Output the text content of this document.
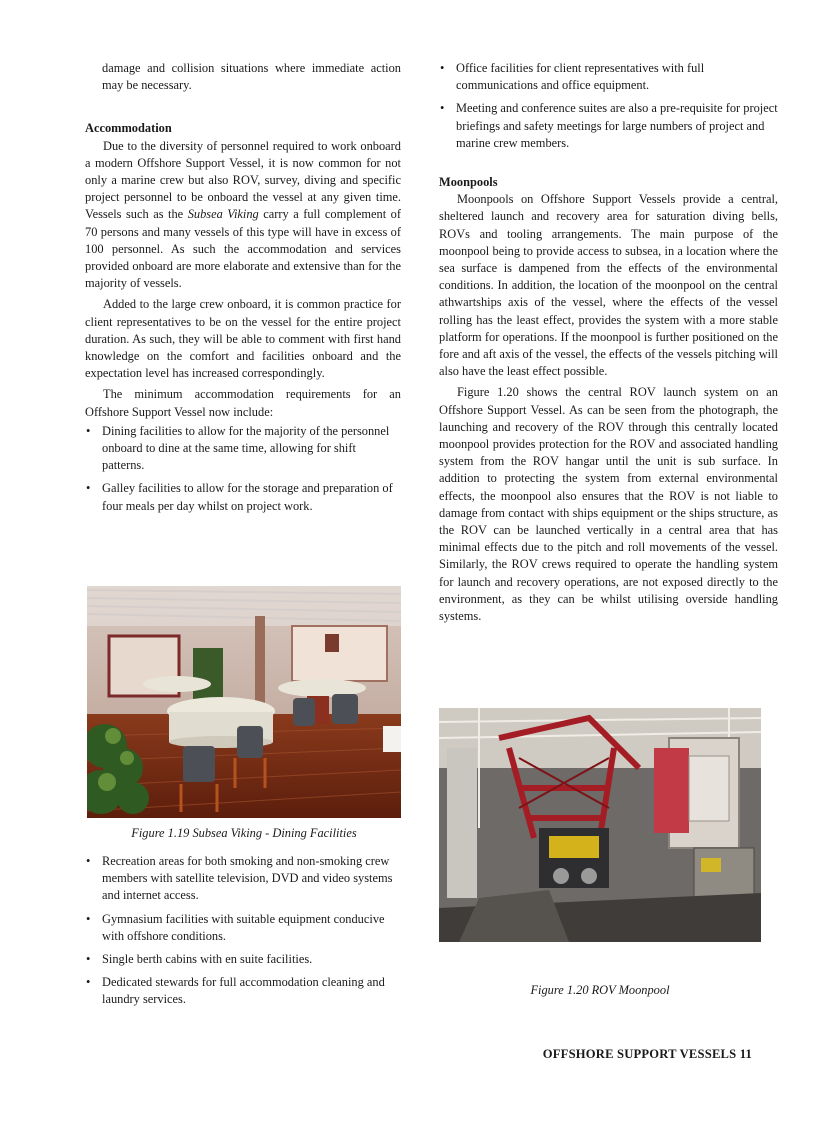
damage and collision situations where immediate action may be necessary.

Accommodation

Due to the diversity of personnel required to work onboard a modern Offshore Support Vessel, it is now common for not only a marine crew but also ROV, survey, diving and specific project personnel to be onboard the vessel at any given time. Vessels such as the Subsea Viking carry a full complement of 70 persons and many vessels of this type will have in excess of 100 personnel. As such the accommodation and services provided onboard are more elaborate and extensive than for the majority of vessels.

Added to the large crew onboard, it is common practice for client representatives to be on the vessel for the entire project duration. As such, they will be able to comment with first hand knowledge on the comfort and facilities onboard and the expectation level has increased correspondingly.

The minimum accommodation requirements for an Offshore Support Vessel now include:

• Dining facilities to allow for the majority of the personnel onboard to dine at the same time, allowing for shift patterns.
• Galley facilities to allow for the storage and preparation of four meals per day whilst on project work.
Figure 1.19 Subsea Viking - Dining Facilities
• Recreation areas for both smoking and non-smoking crew members with satellite television, DVD and video systems and internet access.
• Gymnasium facilities with suitable equipment conducive with offshore conditions.
• Single berth cabins with en suite facilities.
• Dedicated stewards for full accommodation cleaning and laundry services.
• Office facilities for client representatives with full communications and office equipment.
• Meeting and conference suites are also a pre-requisite for project briefings and safety meetings for large numbers of project and marine crew members.
Moonpools

Moonpools on Offshore Support Vessels provide a central, sheltered launch and recovery area for saturation diving bells, ROVs and tooling arrangements. The main purpose of the moonpool being to provide access to subsea, in a location where the sea surface is dampened from the effects of the environmental conditions. In addition, the location of the moonpool on the central athwartships axis of the vessel, where the effects of the vessel rolling has the least effect, provides the system with a more stable platform for operations. If the moonpool is further positioned on the fore and aft axis of the vessel, the effects of the vessels pitching will also have the least effect possible.

Figure 1.20 shows the central ROV launch system on an Offshore Support Vessel. As can be seen from the photograph, the launching and recovery of the ROV through this centrally located moonpool provides protection for the ROV and associated handling system from the ROV hangar until the unit is sub surface. In addition to protecting the system from external environmental effects, the moonpool also ensures that the ROV is not liable to damage from contact with ships equipment or the ships structure, as the ROV can be launched vertically in a central area that has minimal effects due to the pitch and roll movements of the vessel. Similarly, the ROV crews required to operate the handling system for launch and recovery operations, are not exposed directly to the environment, as they can be whilst utilising overside handling systems.

Figure 1.20 ROV Moonpool
OFFSHORE SUPPORT VESSELS 11
